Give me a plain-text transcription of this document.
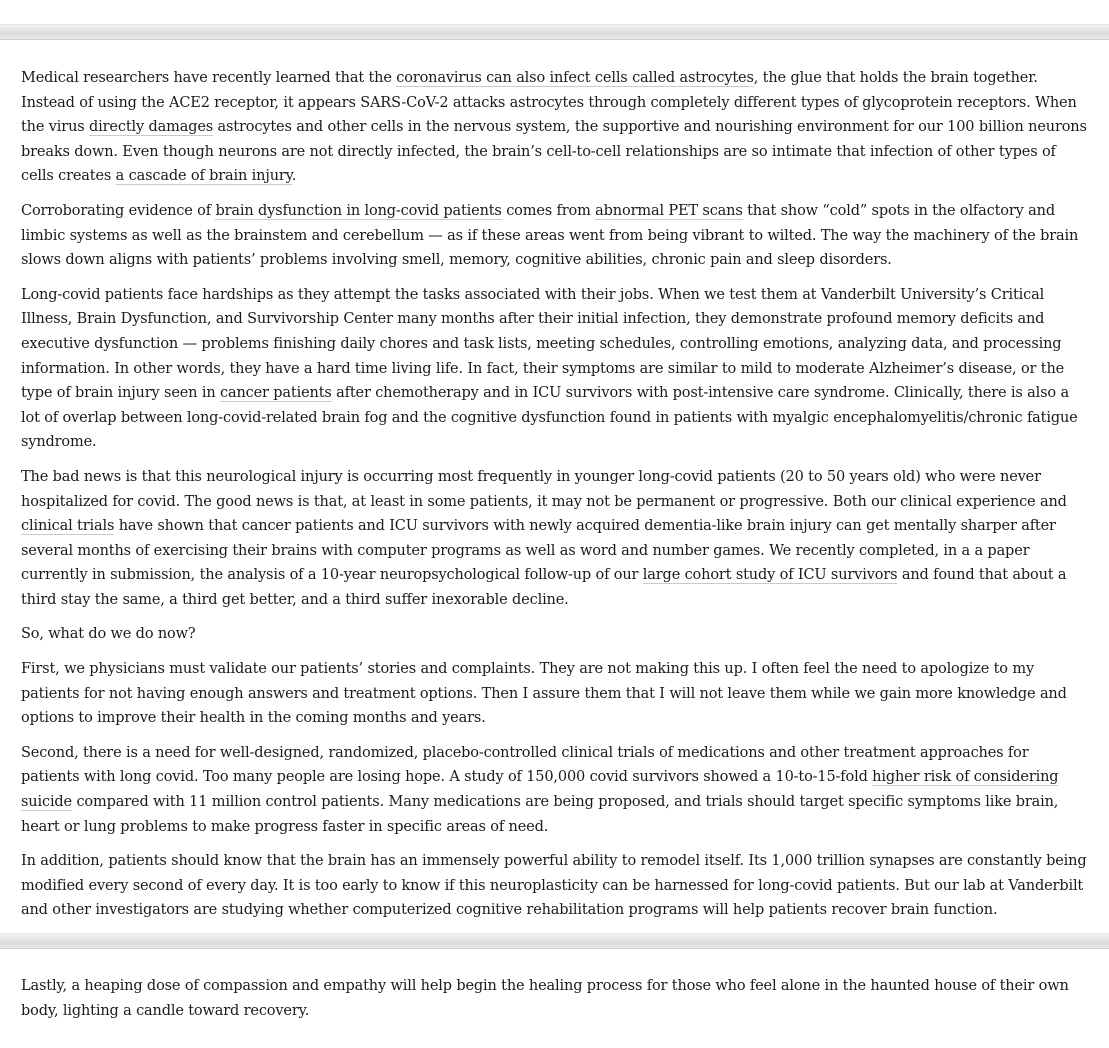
Medical researchers have recently learned that the coronavirus can also infect cells called astrocytes, the glue that holds the brain together. Instead of using the ACE2 receptor, it appears SARS-CoV-2 attacks astrocytes through completely different types of glycoprotein receptors. When the virus directly damages astrocytes and other cells in the nervous system, the supportive and nourishing environment for our 100 billion neurons breaks down. Even though neurons are not directly infected, the brain’s cell-to-cell relationships are so intimate that infection of other types of cells creates a cascade of brain injury.

Corroborating evidence of brain dysfunction in long-covid patients comes from abnormal PET scans that show “cold” spots in the olfactory and limbic systems as well as the brainstem and cerebellum — as if these areas went from being vibrant to wilted. The way the machinery of the brain slows down aligns with patients’ problems involving smell, memory, cognitive abilities, chronic pain and sleep disorders.

Long-covid patients face hardships as they attempt the tasks associated with their jobs. When we test them at Vanderbilt University’s Critical Illness, Brain Dysfunction, and Survivorship Center many months after their initial infection, they demonstrate profound memory deficits and executive dysfunction — problems finishing daily chores and task lists, meeting schedules, controlling emotions, analyzing data, and processing information. In other words, they have a hard time living life. In fact, their symptoms are similar to mild to moderate Alzheimer’s disease, or the type of brain injury seen in cancer patients after chemotherapy and in ICU survivors with post-intensive care syndrome. Clinically, there is also a lot of overlap between long-covid-related brain fog and the cognitive dysfunction found in patients with myalgic encephalomyelitis/chronic fatigue syndrome.

The bad news is that this neurological injury is occurring most frequently in younger long-covid patients (20 to 50 years old) who were never hospitalized for covid. The good news is that, at least in some patients, it may not be permanent or progressive. Both our clinical experience and clinical trials have shown that cancer patients and ICU survivors with newly acquired dementia-like brain injury can get mentally sharper after several months of exercising their brains with computer programs as well as word and number games. We recently completed, in a a paper currently in submission, the analysis of a 10-year neuropsychological follow-up of our large cohort study of ICU survivors and found that about a third stay the same, a third get better, and a third suffer inexorable decline.

So, what do we do now?

First, we physicians must validate our patients’ stories and complaints. They are not making this up. I often feel the need to apologize to my patients for not having enough answers and treatment options. Then I assure them that I will not leave them while we gain more knowledge and options to improve their health in the coming months and years.

Second, there is a need for well-designed, randomized, placebo-controlled clinical trials of medications and other treatment approaches for patients with long covid. Too many people are losing hope. A study of 150,000 covid survivors showed a 10-to-15-fold higher risk of considering suicide compared with 11 million control patients. Many medications are being proposed, and trials should target specific symptoms like brain, heart or lung problems to make progress faster in specific areas of need.

In addition, patients should know that the brain has an immensely powerful ability to remodel itself. Its 1,000 trillion synapses are constantly being modified every second of every day. It is too early to know if this neuroplasticity can be harnessed for long-covid patients. But our lab at Vanderbilt and other investigators are studying whether computerized cognitive rehabilitation programs will help patients recover brain function.

Lastly, a heaping dose of compassion and empathy will help begin the healing process for those who feel alone in the haunted house of their own body, lighting a candle toward recovery.
